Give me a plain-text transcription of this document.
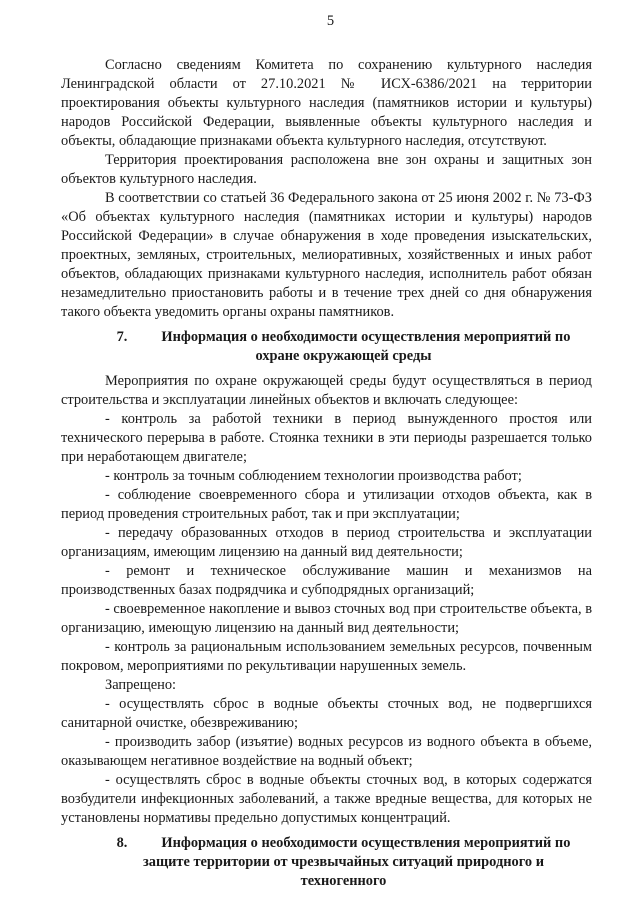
5

Согласно сведениям Комитета по сохранению культурного наследия Ленинградской области от 27.10.2021 № ИСХ-6386/2021 на территории проектирования объекты культурного наследия (памятников истории и культуры) народов Российской Федерации, выявленные объекты культурного наследия и объекты, обладающие признаками объекта культурного наследия, отсутствуют.

Территория проектирования расположена вне зон охраны и защитных зон объектов культурного наследия.

В соответствии со статьей 36 Федерального закона от 25 июня 2002 г. № 73-ФЗ «Об объектах культурного наследия (памятниках истории и культуры) народов Российской Федерации» в случае обнаружения в ходе проведения изыскательских, проектных, земляных, строительных, мелиоративных, хозяйственных и иных работ объектов, обладающих признаками культурного наследия, исполнитель работ обязан незамедлительно приостановить работы и в течение трех дней со дня обнаружения такого объекта уведомить органы охраны памятников.

7. Информация о необходимости осуществления мероприятий по
охране окружающей среды

Мероприятия по охране окружающей среды будут осуществляться в период строительства и эксплуатации линейных объектов и включать следующее:

- контроль за работой техники в период вынужденного простоя или технического перерыва в работе. Стоянка техники в эти периоды разрешается только при неработающем двигателе;

- контроль за точным соблюдением технологии производства работ;

- соблюдение своевременного сбора и утилизации отходов объекта, как в период проведения строительных работ, так и при эксплуатации;

- передачу образованных отходов в период строительства и эксплуатации организациям, имеющим лицензию на данный вид деятельности;

- ремонт и техническое обслуживание машин и механизмов на производственных базах подрядчика и субподрядных организаций;

- своевременное накопление и вывоз сточных вод при строительстве объекта, в организацию, имеющую лицензию на данный вид деятельности;

- контроль за рациональным использованием земельных ресурсов, почвенным покровом, мероприятиями по рекультивации нарушенных земель.

Запрещено:

- осуществлять сброс в водные объекты сточных вод, не подвергшихся санитарной очистке, обезвреживанию;

- производить забор (изъятие) водных ресурсов из водного объекта в объеме, оказывающем негативное воздействие на водный объект;

- осуществлять сброс в водные объекты сточных вод, в которых содержатся возбудители инфекционных заболеваний, а также вредные вещества, для которых не установлены нормативы предельно допустимых концентраций.

8. Информация о необходимости осуществления мероприятий по
защите территории от чрезвычайных ситуаций природного и техногенного
